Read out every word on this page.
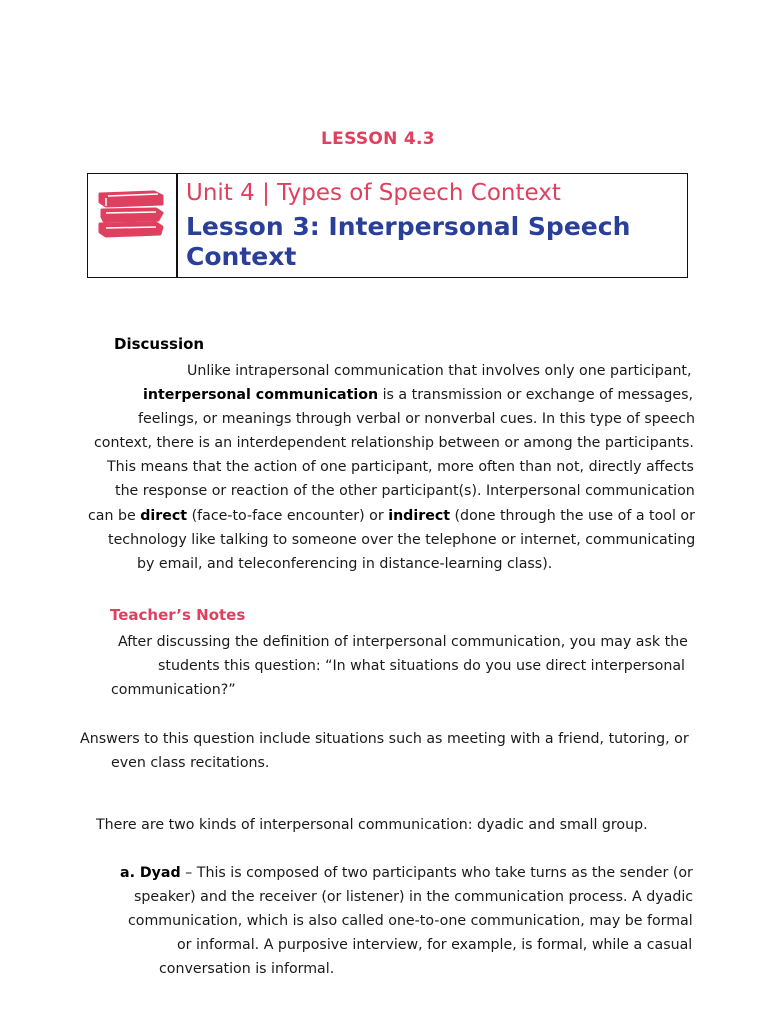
LESSON 4.3
Unit 4 | Types of Speech Context
Lesson 3: Interpersonal Speech Context
Discussion
Unlike intrapersonal communication that involves only one participant,
interpersonal communication is a transmission or exchange of messages,
feelings, or meanings through verbal or nonverbal cues. In this type of speech
context, there is an interdependent relationship between or among the participants.
This means that the action of one participant, more often than not, directly affects
the response or reaction of the other participant(s). Interpersonal communication
can be direct (face-to-face encounter) or indirect (done through the use of a tool or
technology like talking to someone over the telephone or internet, communicating
by email, and teleconferencing in distance-learning class).
Teacher’s Notes
After discussing the definition of interpersonal communication, you may ask the
students this question: “In what situations do you use direct interpersonal
communication?”
Answers to this question include situations such as meeting with a friend, tutoring, or
even class recitations.
There are two kinds of interpersonal communication: dyadic and small group.
a. Dyad – This is composed of two participants who take turns as the sender (or
speaker) and the receiver (or listener) in the communication process. A dyadic
communication, which is also called one-to-one communication, may be formal
or informal. A purposive interview, for example, is formal, while a casual
conversation is informal.
